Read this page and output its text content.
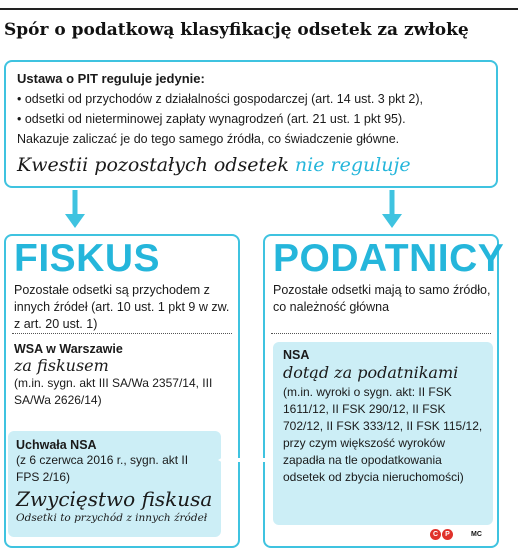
Spór o podatkową klasyfikację odsetek za zwłokę
Ustawa o PIT reguluje jedynie:
• odsetki od przychodów z działalności gospodarczej (art. 14 ust. 3 pkt 2),
• odsetki od nieterminowej zapłaty wynagrodzeń (art. 21 ust. 1 pkt 95).
Nakazuje zaliczać je do tego samego źródła, co świadczenie główne.
Kwestii pozostałych odsetek nie reguluje
FISKUS
Pozostałe odsetki są przychodem z innych źródeł (art. 10 ust. 1 pkt 9 w zw. z art. 20 ust. 1)
WSA w Warszawie
za fiskusem
(m.in. sygn. akt III SA/Wa 2357/14, III SA/Wa 2626/14)
Uchwała NSA
(z 6 czerwca 2016 r., sygn. akt II FPS 2/16)
Zwycięstwo fiskusa
Odsetki to przychód z innych źródeł
PODATNICY
Pozostałe odsetki mają to samo źródło, co należność główna
NSA
dotąd za podatnikami
(m.in. wyroki o sygn. akt: II FSK 1611/12, II FSK 290/12, II FSK 702/12, II FSK 333/12, II FSK 115/12, przy czym większość wyroków zapadła na tle opodatkowania odsetek od zbycia nieruchomości)
C	P	MC
